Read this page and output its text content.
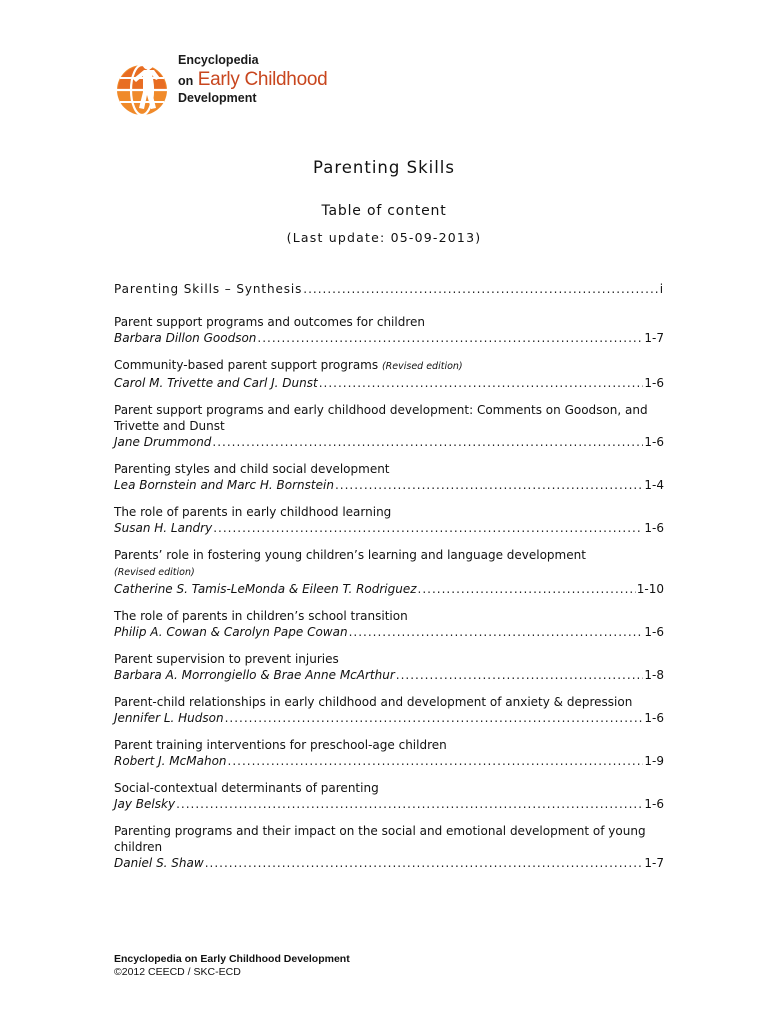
Encyclopedia
on Early Childhood
Development
Parenting Skills
Table of content
(Last update: 05-09-2013)
Parenting Skills – Synthesis .....	i
Parent support programs and outcomes for children
Barbara Dillon Goodson .....	1-7
Community-based parent support programs (Revised edition)
Carol M. Trivette and Carl J. Dunst .....	1-6
Parent support programs and early childhood development: Comments on Goodson, and Trivette and Dunst
Jane Drummond .....	1-6
Parenting styles and child social development
Lea Bornstein and Marc H. Bornstein .....	1-4
The role of parents in early childhood learning
Susan H. Landry .....	1-6
Parents’ role in fostering young children’s learning and language development
(Revised edition)
Catherine S. Tamis-LeMonda & Eileen T. Rodriguez .....	1-10
The role of parents in children’s school transition
Philip A. Cowan & Carolyn Pape Cowan .....	1-6
Parent supervision to prevent injuries
Barbara A. Morrongiello & Brae Anne McArthur .....	1-8
Parent-child relationships in early childhood and development of anxiety & depression
Jennifer L. Hudson .....	1-6
Parent training interventions for preschool-age children
Robert J. McMahon .....	1-9
Social-contextual determinants of parenting
Jay Belsky .....	1-6
Parenting programs and their impact on the social and emotional development of young children
Daniel S. Shaw .....	1-7
Encyclopedia on Early Childhood Development
©2012 CEECD / SKC-ECD
